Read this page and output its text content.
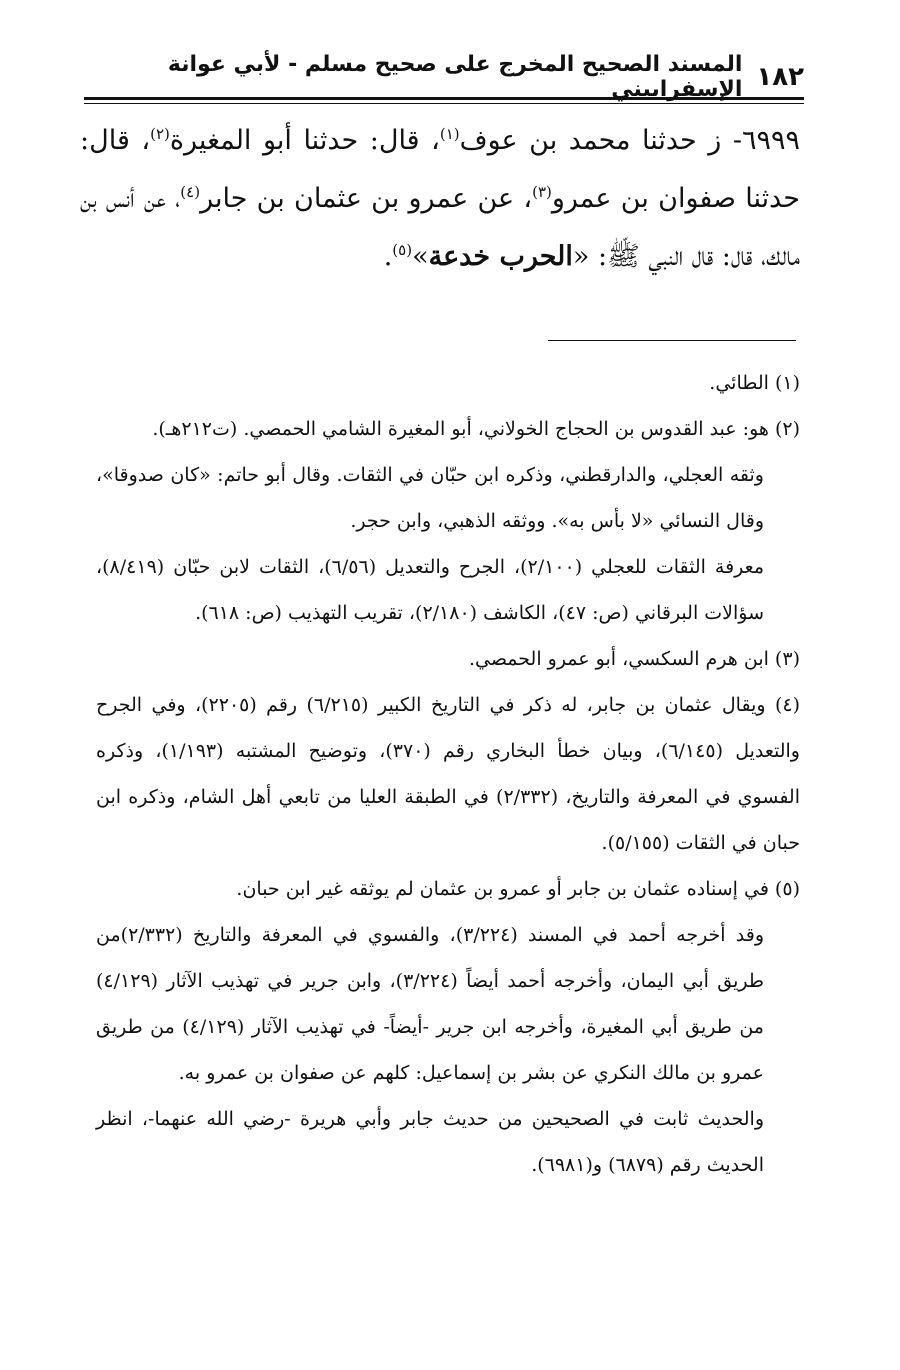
١٨٢
المسند الصحيح المخرج على صحيح مسلم - لأبي عوانة الإسفراييني

٦٩٩٩- ز حدثنا محمد بن عوف$^{(١)}$، قال: حدثنا أبو المغيرة$^{(٢)}$، قال: حدثنا صفوان بن عمرو$^{(٣)}$، عن عمرو بن عثمان بن جابر$^{(٤)}$، عن أنس بن مالك، قال: قال النبي ﷺ: «الحرب خدعة»$^{(٥)}$.

(١) الطائي.

(٢) هو: عبد القدوس بن الحجاج الخولاني، أبو المغيرة الشامي الحمصي. (ت٢١٢هـ).

وثقه العجلي، والدارقطني، وذكره ابن حبّان في الثقات. وقال أبو حاتم: «كان صدوقا»، وقال النسائي «لا بأس به». ووثقه الذهبي، وابن حجر.

معرفة الثقات للعجلي (٢/١٠٠)، الجرح والتعديل (٦/٥٦)، الثقات لابن حبّان (٨/٤١٩)، سؤالات البرقاني (ص: ٤٧)، الكاشف (٢/١٨٠)، تقريب التهذيب (ص: ٦١٨).

(٣) ابن هرم السكسي، أبو عمرو الحمصي.

(٤) ويقال عثمان بن جابر، له ذكر في التاريخ الكبير (٦/٢١٥) رقم (٢٢٠٥)، وفي الجرح والتعديل (٦/١٤٥)، وبيان خطأ البخاري رقم (٣٧٠)، وتوضيح المشتبه (١/١٩٣)، وذكره الفسوي في المعرفة والتاريخ، (٢/٣٣٢) في الطبقة العليا من تابعي أهل الشام، وذكره ابن حبان في الثقات (٥/١٥٥).

(٥) في إسناده عثمان بن جابر أو عمرو بن عثمان لم يوثقه غير ابن حبان.

وقد أخرجه أحمد في المسند (٣/٢٢٤)، والفسوي في المعرفة والتاريخ (٢/٣٣٢)من طريق أبي اليمان، وأخرجه أحمد أيضاً (٣/٢٢٤)، وابن جرير في تهذيب الآثار (٤/١٢٩) من طريق أبي المغيرة، وأخرجه ابن جرير -أيضاً- في تهذيب الآثار (٤/١٢٩) من طريق عمرو بن مالك النكري عن بشر بن إسماعيل: كلهم عن صفوان بن عمرو به.

والحديث ثابت في الصحيحين من حديث جابر وأبي هريرة -رضي الله عنهما-، انظر الحديث رقم (٦٨٧٩) و(٦٩٨١).
